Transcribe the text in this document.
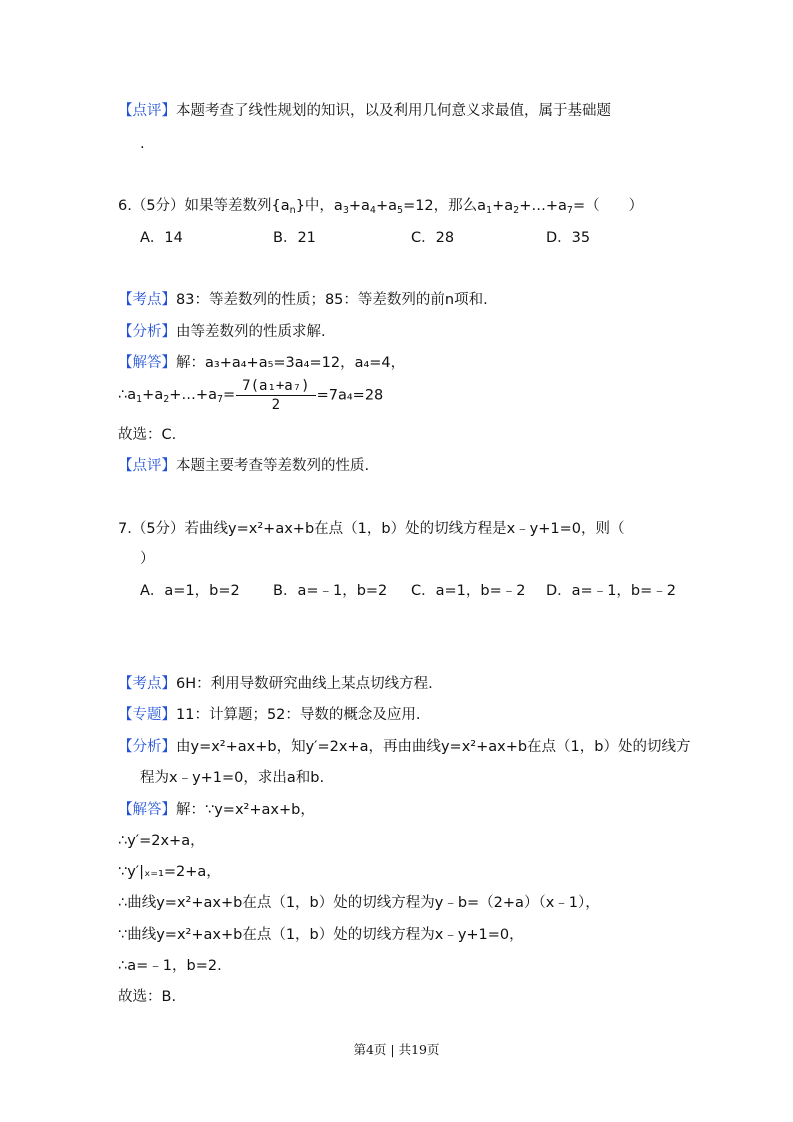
【点评】本题考查了线性规划的知识，以及利用几何意义求最值，属于基础题
.
6.（5分）如果等差数列$\{a_n\}$中，$a_3+a_4+a_5=12$，那么$a_1+a_2+\dots+a_7=$（　　）
A．14	B．21	C．28	D．35
【考点】83：等差数列的性质；85：等差数列的前n项和.
【分析】由等差数列的性质求解.
【解答】解：a₃+a₄+a₅=3a₄=12，a₄=4，
$\therefore a_1+a_2+\dots+a_7= \frac{\text{7(a₁+a₇)}}{2} =7a_4=28$
故选：C.
【点评】本题主要考查等差数列的性质.
7.（5分）若曲线y=x²+ax+b在点（1，b）处的切线方程是x﹣y+1=0，则（
）
A．a=1，b=2 B．a=﹣1，b=2 C．a=1，b=﹣2 D．a=﹣1，b=﹣2
【考点】6H：利用导数研究曲线上某点切线方程.
【专题】11：计算题；52：导数的概念及应用.
【分析】由y=x²+ax+b，知y′=2x+a，再由曲线y=x²+ax+b在点（1，b）处的切线方
程为x﹣y+1=0，求出a和b.
【解答】解：∵y=x²+ax+b，
∴y′=2x+a，
∵y′|ₓ₌₁=2+a，
∴曲线y=x²+ax+b在点（1，b）处的切线方程为y﹣b=（2+a）（x﹣1），
∵曲线y=x²+ax+b在点（1，b）处的切线方程为x﹣y+1=0，
∴a=﹣1，b=2.
故选：B.
第4页 | 共19页
